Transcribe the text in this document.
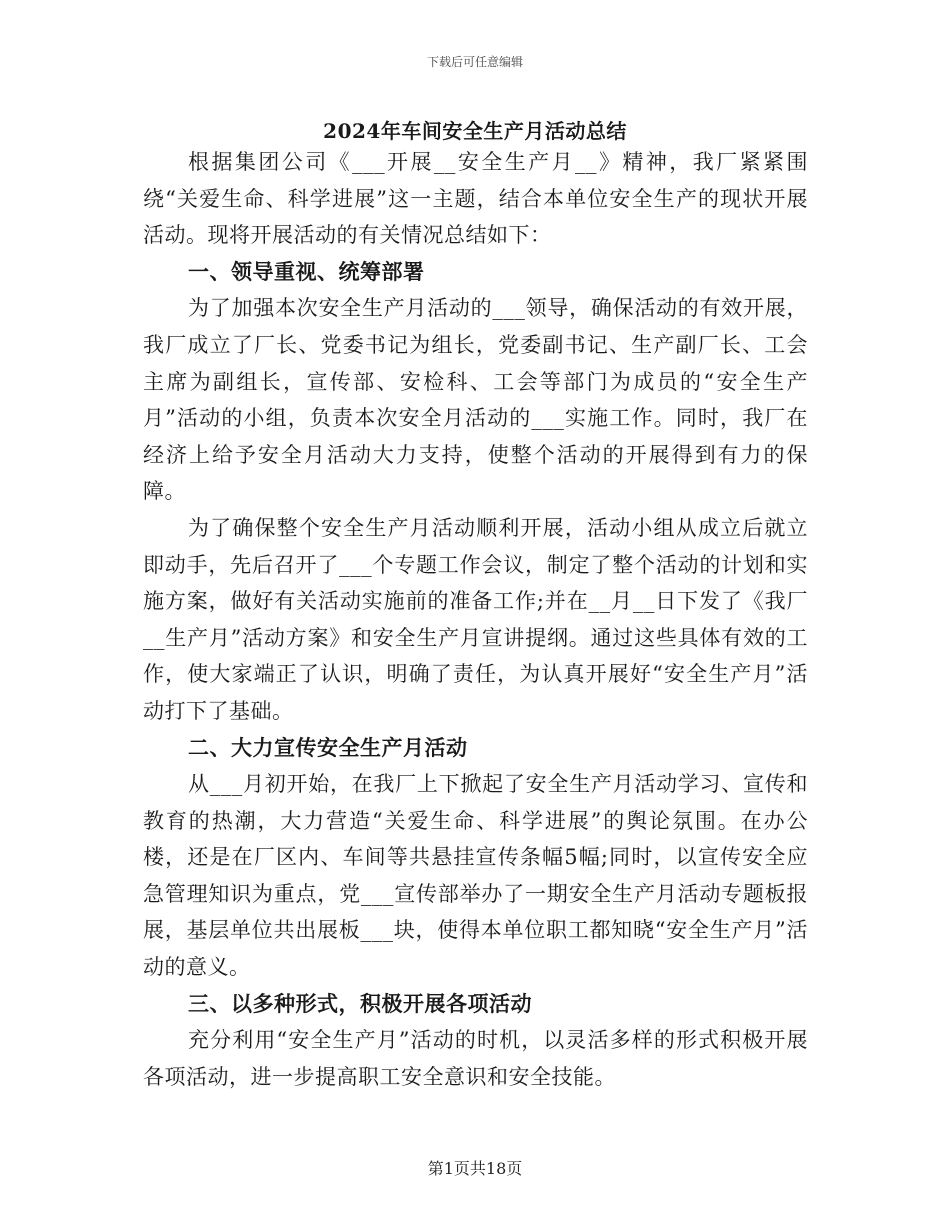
下载后可任意编辑
2024年车间安全生产月活动总结

根据集团公司《___开展__安全生产月__》精神，我厂紧紧围绕“关爱生命、科学进展”这一主题，结合本单位安全生产的现状开展活动。现将开展活动的有关情况总结如下：

一、领导重视、统筹部署

为了加强本次安全生产月活动的___领导，确保活动的有效开展，我厂成立了厂长、党委书记为组长，党委副书记、生产副厂长、工会主席为副组长，宣传部、安检科、工会等部门为成员的“安全生产月”活动的小组，负责本次安全月活动的___实施工作。同时，我厂在经济上给予安全月活动大力支持，使整个活动的开展得到有力的保障。

为了确保整个安全生产月活动顺利开展，活动小组从成立后就立即动手，先后召开了___个专题工作会议，制定了整个活动的计划和实施方案，做好有关活动实施前的准备工作;并在__月__日下发了《我厂__生产月”活动方案》和安全生产月宣讲提纲。通过这些具体有效的工作，使大家端正了认识，明确了责任，为认真开展好“安全生产月”活动打下了基础。

二、大力宣传安全生产月活动

从___月初开始，在我厂上下掀起了安全生产月活动学习、宣传和教育的热潮，大力营造“关爱生命、科学进展”的舆论氛围。在办公楼，还是在厂区内、车间等共悬挂宣传条幅5幅;同时，以宣传安全应急管理知识为重点，党___宣传部举办了一期安全生产月活动专题板报展，基层单位共出展板___块，使得本单位职工都知晓“安全生产月”活动的意义。

三、以多种形式，积极开展各项活动

充分利用“安全生产月”活动的时机，以灵活多样的形式积极开展各项活动，进一步提高职工安全意识和安全技能。

第1页共18页
